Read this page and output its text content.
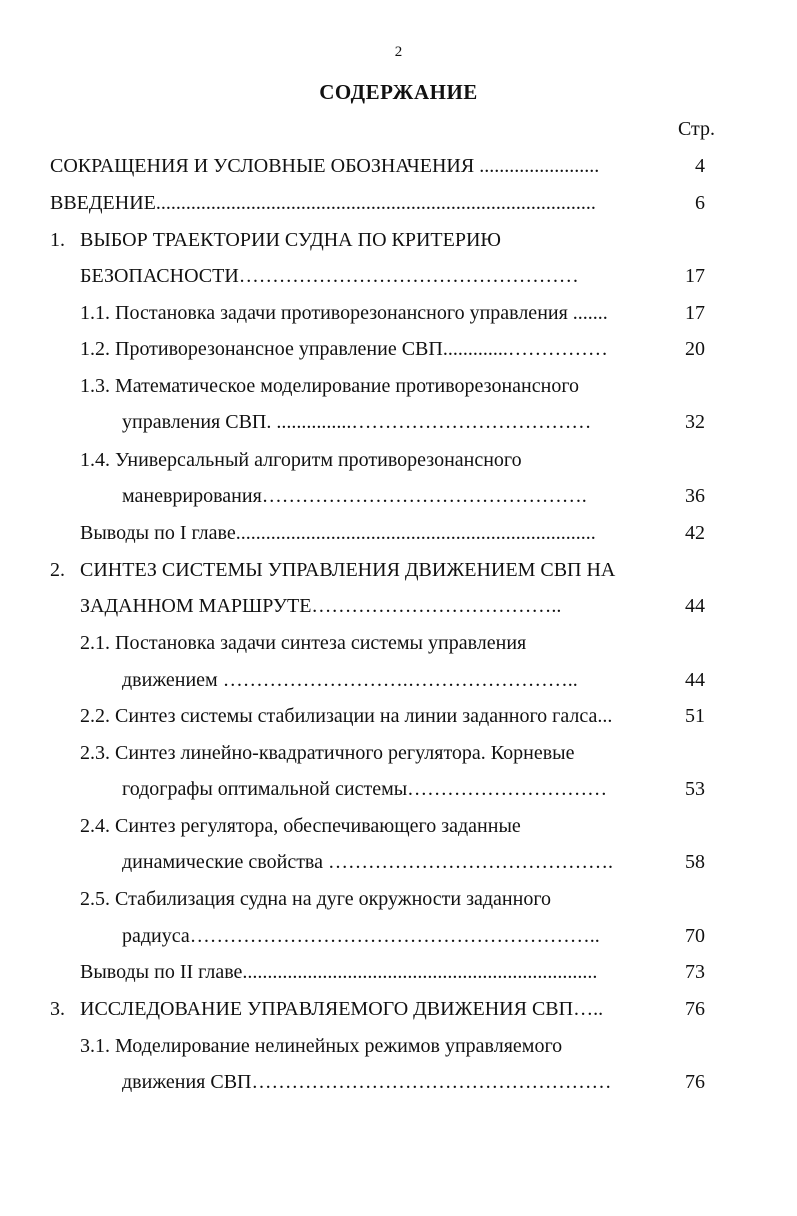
2
СОДЕРЖАНИЕ
Стр.
СОКРАЩЕНИЯ И УСЛОВНЫЕ ОБОЗНАЧЕНИЯ ........................	4
ВВЕДЕНИЕ........................................................................................	6
1. ВЫБОР ТРАЕКТОРИИ СУДНА ПО КРИТЕРИЮ
БЕЗОПАСНОСТИ……………………………………………	17
1.1. Постановка задачи противорезонансного управления .......	17
1.2. Противорезонансное управление СВП.............……………	20
1.3. Математическое моделирование противорезонансного
управления СВП. ...............………………………………	32
1.4. Универсальный алгоритм противорезонансного
маневрирования………………………………………….	36
Выводы по I главе........................................................................	42
2. СИНТЕЗ СИСТЕМЫ УПРАВЛЕНИЯ ДВИЖЕНИЕМ СВП НА
ЗАДАННОМ МАРШРУТЕ………………………………..	44
2.1. Постановка задачи синтеза системы управления
движением ……………………….……………………..	44
2.2. Синтез системы стабилизации на линии заданного галса...	51
2.3. Синтез линейно-квадратичного регулятора. Корневые
годографы оптимальной системы…………………………	53
2.4. Синтез регулятора, обеспечивающего заданные
динамические свойства …………………………………….	58
2.5. Стабилизация судна на дуге окружности заданного
радиуса……………………………………………………..	70
Выводы по II главе.......................................................................	73
3. ИССЛЕДОВАНИЕ УПРАВЛЯЕМОГО ДВИЖЕНИЯ СВП…..	76
3.1. Моделирование нелинейных режимов управляемого
движения СВП………………………………………………	76
